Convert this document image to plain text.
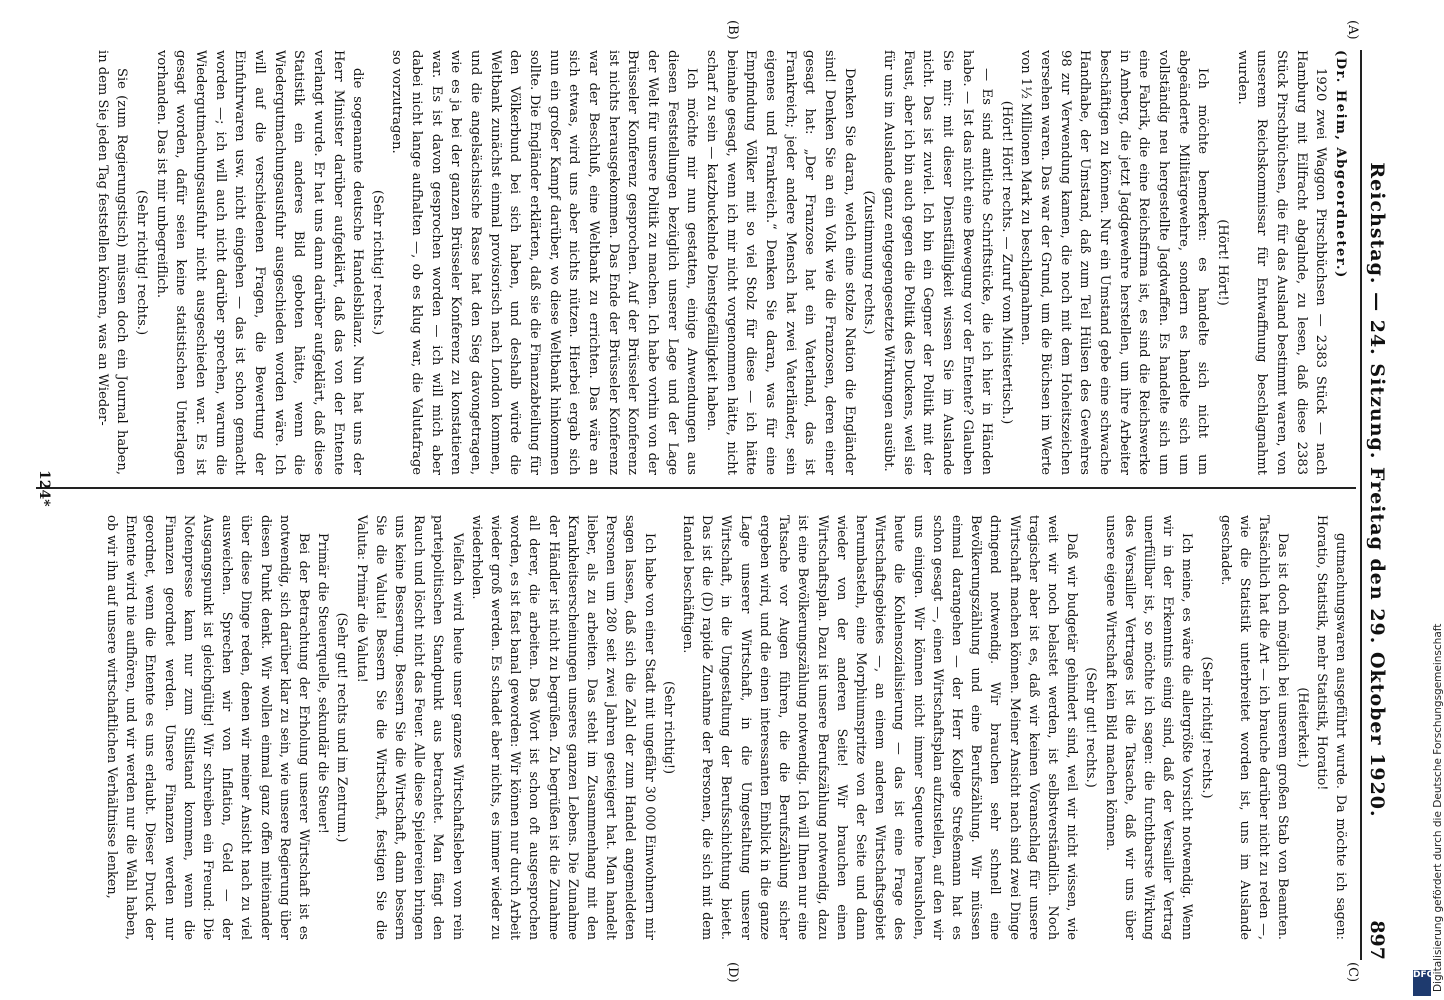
Reichstag. — 24. Sitzung. Freitag den 29. Oktober 1920.
897
(A)
(B)
(C)
(D)

(Dr. Heim, Abgeordneter.)

1920 zwei Waggon Pirschbüchsen — 2383 Stück — nach Hamburg mit Eilfracht abgalnde, zu lesen, daß diese 2383 Stück Pirschbüchsen, die für das Ausland bestimmt waren, von unserem Reichskommissar für Entwaffnung beschlagnahmt wurden.

(Hört! Hört!)

Ich möchte bemerken: es handelte sich nicht um abgeänderte Militärgewehre, sondern es handelte sich um vollständig neu hergestellte Jagdwaffen. Es handelte sich um eine Fabrik, die eine Reichsfirma ist, es sind die Reichswerke in Amberg, die jetzt Jagdgewehre herstellen, um ihre Arbeiter beschäftigen zu können. Nur ein Umstand gebe eine schwache Handhabe, der Umstand, daß zum Teil Hülsen des Gewehres 98 zur Verwendung kamen, die noch mit dem Hoheitszeichen versehen waren. Das war der Grund, um die Büchsen im Werte von 1½ Millionen Mark zu beschlagnahmen.

(Hört! Hört! rechts. — Zuruf vom Ministertisch.)

— Es sind amtliche Schriftstücke, die ich hier in Händen habe. — Ist das nicht eine Bewegung vor der Entente? Glauben Sie mir: mit dieser Dienstfälligkeit wissen Sie im Auslande nicht. Das ist zuviel. Ich bin ein Gegner der Politik mit der Faust, aber ich bin auch gegen die Politik des Duckens, weil sie für uns im Auslande ganz entgegengesetzte Wirkungen ausübt.

(Zustimmung rechts.)

Denken Sie daran, welch eine stolze Nation die Engländer sind! Denken Sie an ein Volk wie die Franzosen, deren einer gesagt hat: „Der Franzose hat ein Vaterland, das ist Frankreich; jeder andere Mensch hat zwei Vaterländer, sein eigenes und Frankreich.“ Denken Sie daran, was für eine Empfindung Völker mit so viel Stolz für diese — ich hätte beinahe gesagt, wenn ich mir nicht vorgenommen hätte, nicht scharf zu sein — katzbuckelnde Dienstgefälligkeit haben.

Ich möchte mir nun gestatten, einige Anwendungen aus diesen Feststellungen bezüglich unserer Lage und der Lage der Welt für unsere Politik zu machen. Ich habe vorhin von der Brüsseler Konferenz gesprochen. Auf der Brüsseler Konferenz ist nichts herausgekommen. Das Ende der Brüsseler Konferenz war der Beschluß, eine Weltbank zu errichten. Das wäre an sich etwas, wird uns aber nichts nützen. Hierbei ergab sich nun ein großer Kampf darüber, wo diese Weltbank hinkommen sollte. Die Engländer erklärten, daß sie die Finanzabteilung für den Völkerbund bei sich haben, und deshalb würde die Weltbank zunächst einmal provisorisch nach London kommen, und die angelsächsische Rasse hat den Sieg davongetragen, wie es ja bei der ganzen Brüsseler Konferenz zu konstatieren war. Es ist davon gesprochen worden — ich will mich aber dabei nicht lange aufhalten —, ob es klug war, die Valutafrage so vorzutragen.

(Sehr richtig! rechts.)

die sogenannte deutsche Handelsbilanz. Nun hat uns der Herr Minister darüber aufgeklärt, daß das von der Entente verlangt wurde. Er hat uns dann darüber aufgeklärt, daß diese Statistik ein anderes Bild geboten hätte, wenn die Wiedergutmachungsausfuhr ausgeschieden worden wäre. Ich will auf die verschiedenen Fragen, die Bewertung der Einfuhrwaren usw. nicht eingehen — das ist schon gemacht worden —; ich will auch nicht darüber sprechen, warum die Wiedergutmachungsausfuhr nicht ausgeschieden war. Es ist gesagt worden, dafür seien keine statistischen Unterlagen vorhanden. Das ist mir unbegreiflich.

(Sehr richtig! rechts.)

Sie (zum Regierungstisch) müssen doch ein Journal haben, in dem Sie jeden Tag feststellen können, was an Wieder-

gutmachungswaren ausgeführt wurde. Da möchte ich sagen: Horatio, Statistik, mehr Statistik, Horatio!

(Heiterkeit.)

Das ist doch möglich bei unserem großen Stab von Beamten. Tatsächlich hat die Art — ich brauche darüber nicht zu reden —, wie die Statistik unterbreitet worden ist, uns im Auslande geschadet.

(Sehr richtig! rechts.)

Ich meine, es wäre die allergrößte Vorsicht notwendig. Wenn wir in der Erkenntnis einig sind, daß der Versailler Vertrag unerfüllbar ist, so möchte ich sagen: die furchtbarste Wirkung des Versailler Vertrages ist die Tatsache, daß wir uns über unsere eigene Wirtschaft kein Bild machen können.

(Sehr gut! rechts.)

Daß wir budgetär gehindert sind, weil wir nicht wissen, wie weit wir noch belastet werden, ist selbstverständlich. Noch tragischer aber ist es, daß wir keinen Voranschlag für unsere Wirtschaft machen können. Meiner Ansicht nach sind zwei Dinge dringend notwendig. Wir brauchen sehr schnell eine Bevölkerungszählung und eine Berufszählung. Wir müssen einmal darangehen — der Herr Kollege Streßemann hat es schon gesagt —, einen Wirtschaftsplan aufzustellen, auf den wir uns einigen. Wir können nicht immer Sequente herausholen, heute die Kohlensozialisierung — das ist eine Frage des Wirtschaftsgebietes —, an einem anderen Wirtschaftsgebiet herumbasteln, eine Morphiumspritze von der Seite und dann wieder von der anderen Seite! Wir brauchen einen Wirtschaftsplan. Dazu ist unsere Berufszählung notwendig, dazu ist eine Bevölkerungszählung notwendig. Ich will Ihnen nur eine Tatsache vor Augen führen, die die Berufszählung sicher ergeben wird, und die einen interessanten Einblick in die ganze Lage unserer Wirtschaft, in die Umgestaltung unserer Wirtschaft, in die Umgestaltung der Berufsschichtung bietet. Das ist die (D) rapide Zunahme der Personen, die sich mit dem Handel beschäftigen.

(Sehr richtig!)

Ich habe von einer Stadt mit ungefähr 30 000 Einwohnern mir sagen lassen, daß sich die Zahl der zum Handel angemeldeten Personen um 280 seit zwei Jahren gesteigert hat. Man handelt lieber, als zu arbeiten. Das steht im Zusammenhang mit den Krankheitserscheinungen unseres ganzen Lebens. Die Zunahme der Händler ist nicht zu begrüßen. Zu begrüßen ist die Zunahme all derer, die arbeiten. Das Wort ist schon oft ausgesprochen worden, es ist fast banal geworden: Wir können nur durch Arbeit wieder groß werden. Es schadet aber nichts, es immer wieder zu wiederholen.

Vielfach wird heute unser ganzes Wirtschaftsleben vom rein parteipolitischen Standpunkt aus betrachtet. Man fängt den Rauch und löscht nicht das Feuer. Alle diese Spielereien bringen uns keine Besserung. Bessern Sie die Wirtschaft, dann bessern Sie die Valuta! Bessern Sie die Wirtschaft, festigen Sie die Valuta: Primär die Valuta!

(Sehr gut! rechts und im Zentrum.)

Primär die Steuerquelle, sekundär die Steuer!

Bei der Betrachtung der Erholung unserer Wirtschaft ist es notwendig, sich darüber klar zu sein, wie unsere Regierung über diesen Punkt denkt. Wir wollen einmal ganz offen miteinander über diese Dinge reden, denen wir meiner Ansicht nach zu viel ausweichen. Sprechen wir von Inflation, Geld — der Ausgangspunkt ist gleichgültig! Wir schreiben ein Freund: Die Notenpresse kann nur zum Stillstand kommen, wenn die Finanzen geordnet werden. Unsere Finanzen werden nur geordnet, wenn die Entente es uns erlaubt. Dieser Druck der Entente wird nie aufhören, und wir werden nur die Wahl haben, ob wir ihn auf unsere wirtschaftlichen Verhältnisse lenken,

124*
Digitalisierung gefördert durch die Deutsche Forschungsgemeinschaft
DFG
